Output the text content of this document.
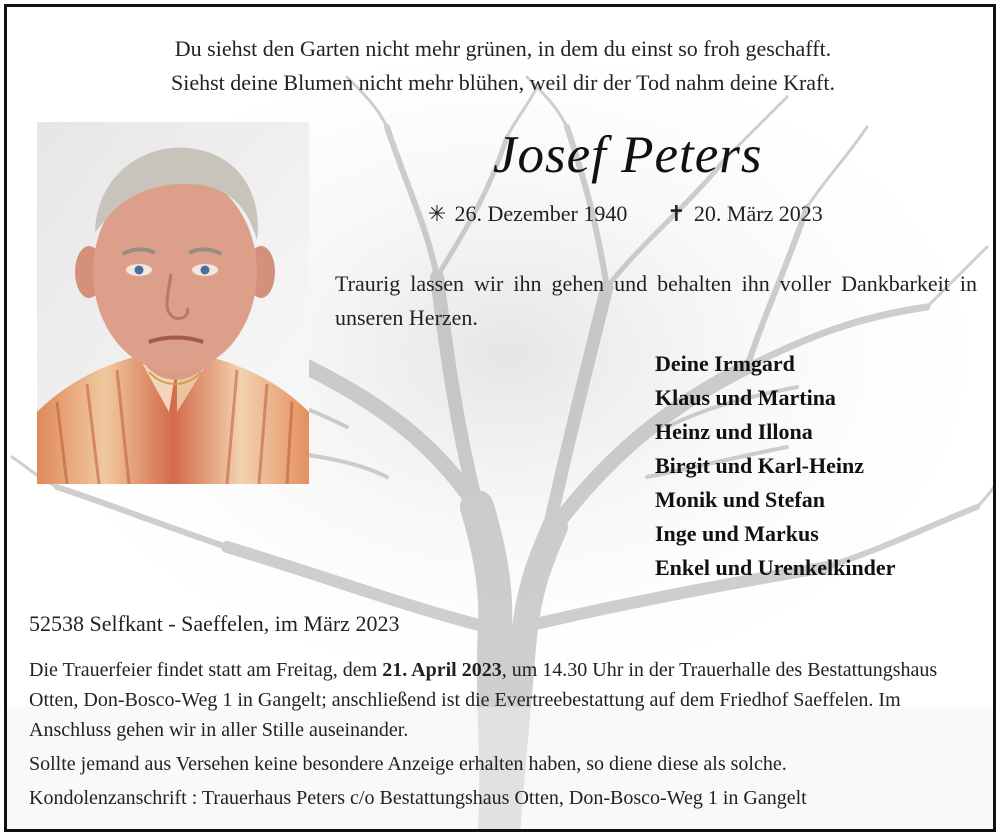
Du siehst den Garten nicht mehr grünen, in dem du einst so froh geschafft.
Siehst deine Blumen nicht mehr blühen, weil dir der Tod nahm deine Kraft.
Josef Peters
✳ 26. Dezember 1940 ✝ 20. März 2023

Traurig lassen wir ihn gehen und behalten ihn voller Dankbarkeit in unseren Herzen.

Deine Irmgard
Klaus und Martina
Heinz und Illona
Birgit und Karl-Heinz
Monik und Stefan
Inge und Markus
Enkel und Urenkelkinder
52538 Selfkant - Saeffelen, im März 2023

Die Trauerfeier findet statt am Freitag, dem 21. April 2023, um 14.30 Uhr in der Trauerhalle des Bestattungshaus Otten, Don-Bosco-Weg 1 in Gangelt; anschließend ist die Evertreebestattung auf dem Friedhof Saeffelen. Im Anschluss gehen wir in aller Stille auseinander.

Sollte jemand aus Versehen keine besondere Anzeige erhalten haben, so diene diese als solche.

Kondolenzanschrift : Trauerhaus Peters c/o Bestattungshaus Otten, Don-Bosco-Weg 1 in Gangelt
